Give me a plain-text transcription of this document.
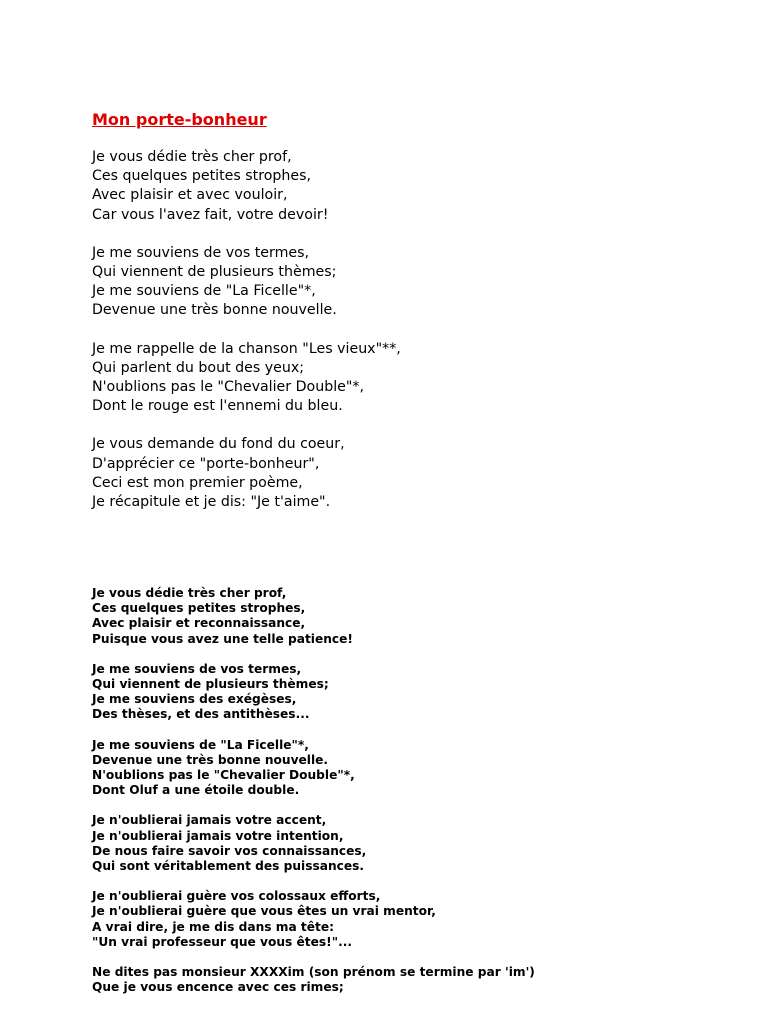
Mon porte-bonheur
Je vous dédie très cher prof,
Ces quelques petites strophes,
Avec plaisir et avec vouloir,
Car vous l'avez fait, votre devoir!
Je me souviens de vos termes,
Qui viennent de plusieurs thèmes;
Je me souviens de "La Ficelle"*,
Devenue une très bonne nouvelle.
Je me rappelle de la chanson "Les vieux"**,
Qui parlent du bout des yeux;
N'oublions pas le "Chevalier Double"*,
Dont le rouge est l'ennemi du bleu.
Je vous demande du fond du coeur,
D'apprécier ce "porte-bonheur",
Ceci est mon premier poème,
Je récapitule et je dis: "Je t'aime".
Je vous dédie très cher prof,
Ces quelques petites strophes,
Avec plaisir et reconnaissance,
Puisque vous avez une telle patience!
Je me souviens de vos termes,
Qui viennent de plusieurs thèmes;
Je me souviens des exégèses,
Des thèses, et des antithèses...
Je me souviens de "La Ficelle"*,
Devenue une très bonne nouvelle.
N'oublions pas le "Chevalier Double"*,
Dont Oluf a une étoile double.
Je n'oublierai jamais votre accent,
Je n'oublierai jamais votre intention,
De nous faire savoir vos connaissances,
Qui sont véritablement des puissances.
Je n'oublierai guère vos colossaux efforts,
Je n'oublierai guère que vous êtes un vrai mentor,
A vrai dire, je me dis dans ma tête:
"Un vrai professeur que vous êtes!"...
Ne dites pas monsieur XXXXim (son prénom se termine par 'im')
Que je vous encence avec ces rimes;
